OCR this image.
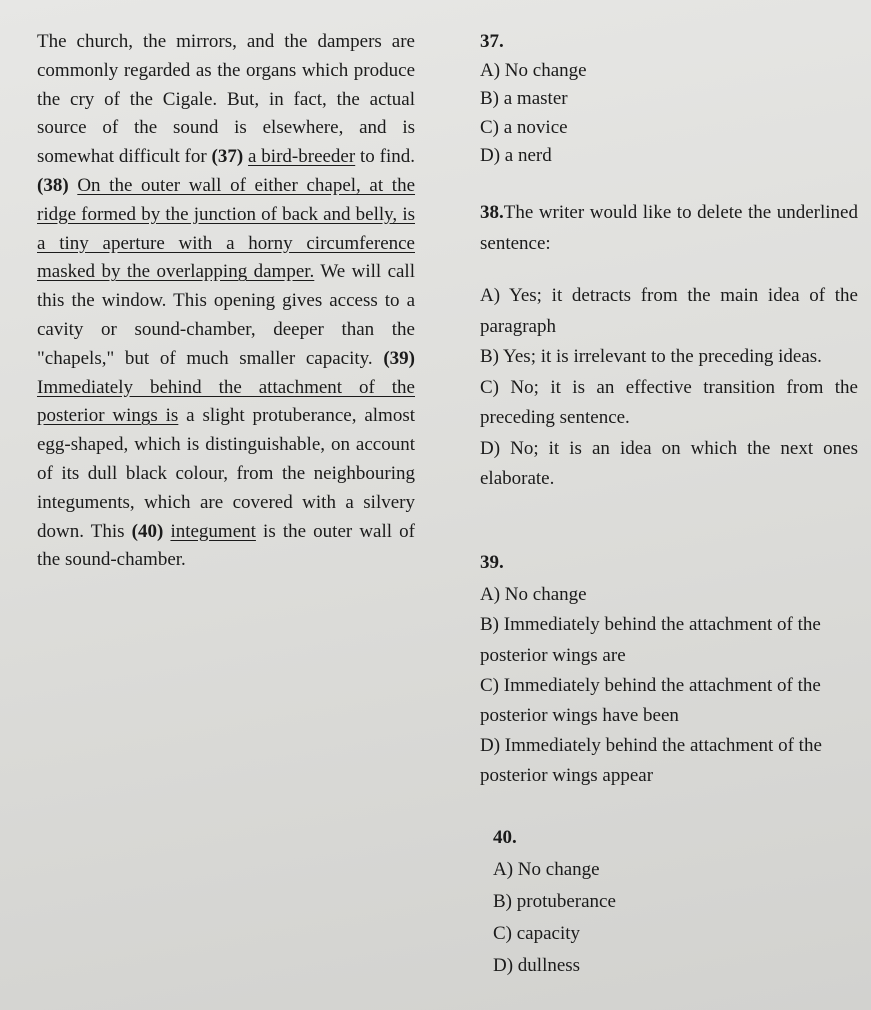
The church, the mirrors, and the dampers are commonly regarded as the organs which produce the cry of the Cigale. But, in fact, the actual source of the sound is elsewhere, and is somewhat difficult for (37) a bird-breeder to find. (38) On the outer wall of either chapel, at the ridge formed by the junction of back and belly, is a tiny aperture with a horny circumference masked by the overlapping damper. We will call this the window. This opening gives access to a cavity or sound-chamber, deeper than the "chapels," but of much smaller capacity. (39) Immediately behind the attachment of the posterior wings is a slight protuberance, almost egg-shaped, which is distinguishable, on account of its dull black colour, from the neighbouring integuments, which are covered with a silvery down. This (40) integument is the outer wall of the sound-chamber.

37.
A) No change
B) a master
C) a novice
D) a nerd
38.The writer would like to delete the underlined sentence:
A) Yes; it detracts from the main idea of the paragraph
B) Yes; it is irrelevant to the preceding ideas.
C) No; it is an effective transition from the preceding sentence.
D) No; it is an idea on which the next ones elaborate.
39.
A) No change
B) Immediately behind the attachment of the posterior wings are
C) Immediately behind the attachment of the posterior wings have been
D) Immediately behind the attachment of the posterior wings appear
40.
A) No change
B) protuberance
C) capacity
D) dullness
